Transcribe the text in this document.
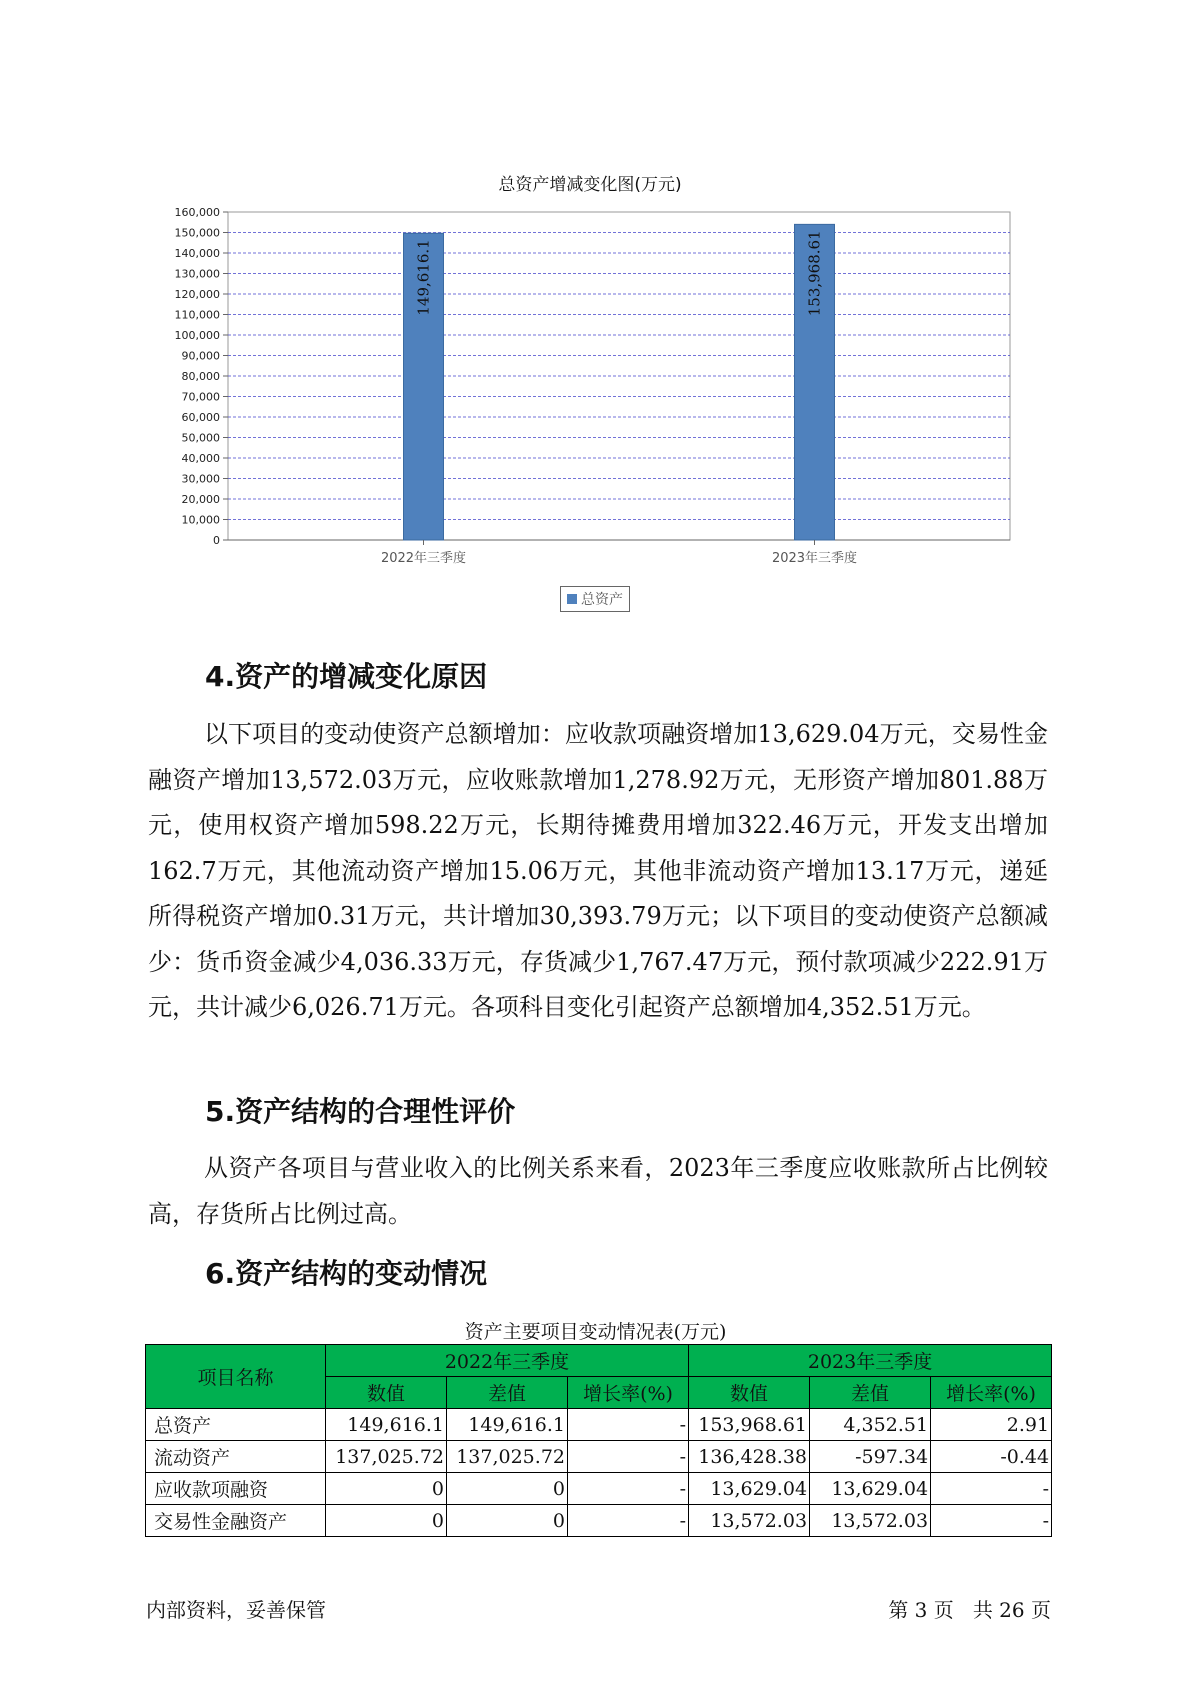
总资产增减变化图(万元)
0
10,000
20,000
30,000
40,000
50,000
60,000
70,000
80,000
90,000
100,000
110,000
120,000
130,000
140,000
150,000
160,000
149,616.1
2022年三季度
153,968.61
2023年三季度
总资产
4.资产的增减变化原因
以下项目的变动使资产总额增加：应收款项融资增加13,629.04万元，交易性金融资产增加13,572.03万元，应收账款增加1,278.92万元，无形资产增加801.88万元，使用权资产增加598.22万元，长期待摊费用增加322.46万元，开发支出增加162.7万元，其他流动资产增加15.06万元，其他非流动资产增加13.17万元，递延所得税资产增加0.31万元，共计增加30,393.79万元；以下项目的变动使资产总额减少：货币资金减少4,036.33万元，存货减少1,767.47万元，预付款项减少222.91万元，共计减少6,026.71万元。各项科目变化引起资产总额增加4,352.51万元。
5.资产结构的合理性评价
从资产各项目与营业收入的比例关系来看，2023年三季度应收账款所占比例较高，存货所占比例过高。
6.资产结构的变动情况
资产主要项目变动情况表(万元)
项目名称	2022年三季度			2023年三季度		
	数值	差值	增长率(%)	数值	差值	增长率(%)
总资产	149,616.1	149,616.1	-	153,968.61	4,352.51	2.91
流动资产	137,025.72	137,025.72	-	136,428.38	-597.34	-0.44
应收款项融资	0	0	-	13,629.04	13,629.04	-
交易性金融资产	0	0	-	13,572.03	13,572.03	-
内部资料，妥善保管	第 3 页   共 26 页
